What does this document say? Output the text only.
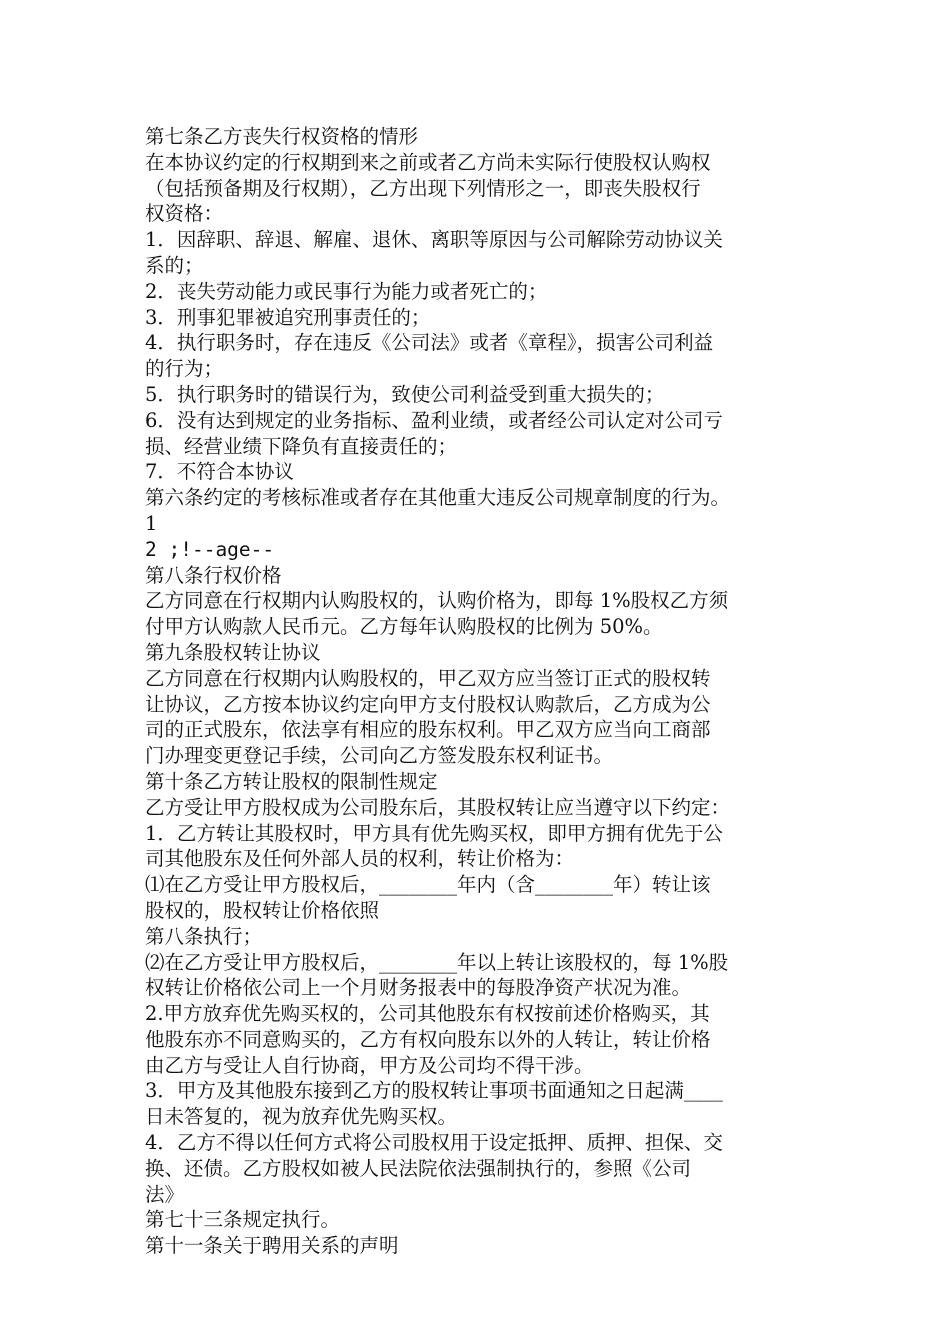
第七条乙方丧失行权资格的情形
在本协议约定的行权期到来之前或者乙方尚未实际行使股权认购权
（包括预备期及行权期），乙方出现下列情形之一，即丧失股权行
权资格：
1．因辞职、辞退、解雇、退休、离职等原因与公司解除劳动协议关
系的；
2．丧失劳动能力或民事行为能力或者死亡的；
3．刑事犯罪被追究刑事责任的；
4．执行职务时，存在违反《公司法》或者《章程》，损害公司利益
的行为；
5．执行职务时的错误行为，致使公司利益受到重大损失的；
6．没有达到规定的业务指标、盈利业绩，或者经公司认定对公司亏
损、经营业绩下降负有直接责任的；
7．不符合本协议
第六条约定的考核标准或者存在其他重大违反公司规章制度的行为。
1
2 ;!--age--
第八条行权价格
乙方同意在行权期内认购股权的，认购价格为，即每 1%股权乙方须
付甲方认购款人民币元。乙方每年认购股权的比例为 50%。
第九条股权转让协议
乙方同意在行权期内认购股权的，甲乙双方应当签订正式的股权转
让协议，乙方按本协议约定向甲方支付股权认购款后，乙方成为公
司的正式股东，依法享有相应的股东权利。甲乙双方应当向工商部
门办理变更登记手续，公司向乙方签发股东权利证书。
第十条乙方转让股权的限制性规定
乙方受让甲方股权成为公司股东后，其股权转让应当遵守以下约定：
1．乙方转让其股权时，甲方具有优先购买权，即甲方拥有优先于公
司其他股东及任何外部人员的权利，转让价格为：
⑴在乙方受让甲方股权后，________年内（含________年）转让该
股权的，股权转让价格依照
第八条执行；
⑵在乙方受让甲方股权后，________年以上转让该股权的，每 1%股
权转让价格依公司上一个月财务报表中的每股净资产状况为准。
2.甲方放弃优先购买权的，公司其他股东有权按前述价格购买，其
他股东亦不同意购买的，乙方有权向股东以外的人转让，转让价格
由乙方与受让人自行协商，甲方及公司均不得干涉。
3．甲方及其他股东接到乙方的股权转让事项书面通知之日起满____
日未答复的，视为放弃优先购买权。
4．乙方不得以任何方式将公司股权用于设定抵押、质押、担保、交
换、还债。乙方股权如被人民法院依法强制执行的，参照《公司
法》
第七十三条规定执行。
第十一条关于聘用关系的声明
